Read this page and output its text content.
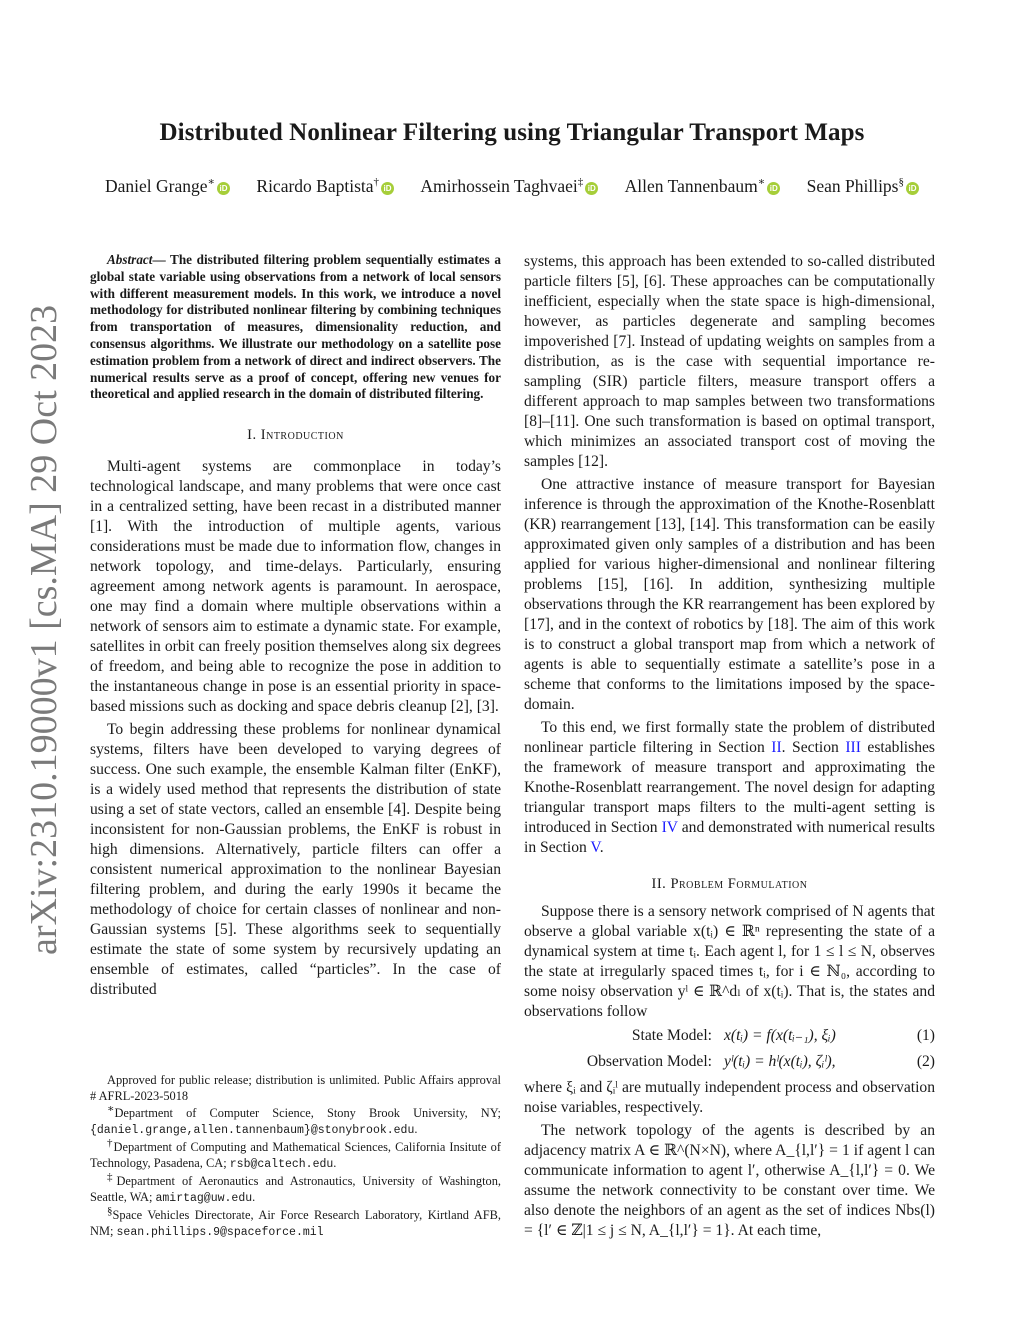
arXiv:2310.19000v1 [cs.MA] 29 Oct 2023
Distributed Nonlinear Filtering using Triangular Transport Maps
Daniel Grange∗iD Ricardo Baptista†iD Amirhossein Taghvaei‡iD Allen Tannenbaum∗iD Sean Phillips§iD

Abstract— The distributed filtering problem sequentially estimates a global state variable using observations from a network of local sensors with different measurement models. In this work, we introduce a novel methodology for distributed nonlinear filtering by combining techniques from transportation of measures, dimensionality reduction, and consensus algorithms. We illustrate our methodology on a satellite pose estimation problem from a network of direct and indirect observers. The numerical results serve as a proof of concept, offering new venues for theoretical and applied research in the domain of distributed filtering.

I. Introduction

Multi-agent systems are commonplace in today’s technological landscape, and many problems that were once cast in a centralized setting, have been recast in a distributed manner [1]. With the introduction of multiple agents, various considerations must be made due to information flow, changes in network topology, and time-delays. Particularly, ensuring agreement among network agents is paramount. In aerospace, one may find a domain where multiple observations within a network of sensors aim to estimate a dynamic state. For example, satellites in orbit can freely position themselves along six degrees of freedom, and being able to recognize the pose in addition to the instantaneous change in pose is an essential priority in space-based missions such as docking and space debris cleanup [2], [3].

To begin addressing these problems for nonlinear dynamical systems, filters have been developed to varying degrees of success. One such example, the ensemble Kalman filter (EnKF), is a widely used method that represents the distribution of state using a set of state vectors, called an ensemble [4]. Despite being inconsistent for non-Gaussian problems, the EnKF is robust in high dimensions. Alternatively, particle filters can offer a consistent numerical approximation to the nonlinear Bayesian filtering problem, and during the early 1990s it became the methodology of choice for certain classes of nonlinear and non-Gaussian systems [5]. These algorithms seek to sequentially estimate the state of some system by recursively updating an ensemble of estimates, called “particles”. In the case of distributed

systems, this approach has been extended to so-called distributed particle filters [5], [6]. These approaches can be computationally inefficient, especially when the state space is high-dimensional, however, as particles degenerate and sampling becomes impoverished [7]. Instead of updating weights on samples from a distribution, as is the case with sequential importance re-sampling (SIR) particle filters, measure transport offers a different approach to map samples between two transformations [8]–[11]. One such transformation is based on optimal transport, which minimizes an associated transport cost of moving the samples [12].

One attractive instance of measure transport for Bayesian inference is through the approximation of the Knothe-Rosenblatt (KR) rearrangement [13], [14]. This transformation can be easily approximated given only samples of a distribution and has been applied for various higher-dimensional and nonlinear filtering problems [15], [16]. In addition, synthesizing multiple observations through the KR rearrangement has been explored by [17], and in the context of robotics by [18]. The aim of this work is to construct a global transport map from which a network of agents is able to sequentially estimate a satellite’s pose in a scheme that conforms to the limitations imposed by the space-domain.

To this end, we first formally state the problem of distributed nonlinear particle filtering in Section II. Section III establishes the framework of measure transport and approximating the Knothe-Rosenblatt rearrangement. The novel design for adapting triangular transport maps filters to the multi-agent setting is introduced in Section IV and demonstrated with numerical results in Section V.

II. Problem Formulation

Suppose there is a sensory network comprised of N agents that observe a global variable x(tᵢ) ∈ ℝⁿ representing the state of a dynamical system at time tᵢ. Each agent l, for 1 ≤ l ≤ N, observes the state at irregularly spaced times tᵢ, for i ∈ ℕ₀, according to some noisy observation yˡ ∈ ℝ^dₗ of x(tᵢ). That is, the states and observations follow

State Model: x(tᵢ) = f(x(tᵢ₋₁), ξᵢ)	(1)
Observation Model: yˡ(tᵢ) = hˡ(x(tᵢ), ζᵢˡ),	(2)

where ξᵢ and ζᵢˡ are mutually independent process and observation noise variables, respectively.

The network topology of the agents is described by an adjacency matrix A ∈ ℝ^(N×N), where A_{l,l′} = 1 if agent l can communicate information to agent l′, otherwise A_{l,l′} = 0. We assume the network connectivity to be constant over time. We also denote the neighbors of an agent as the set of indices Nbs(l) = {l′ ∈ ℤ|1 ≤ j ≤ N, A_{l,l′} = 1}. At each time,

Approved for public release; distribution is unlimited. Public Affairs approval # AFRL-2023-5018

∗Department of Computer Science, Stony Brook University, NY; {daniel.grange,allen.tannenbaum}@stonybrook.edu.

†Department of Computing and Mathematical Sciences, California Insitute of Technology, Pasadena, CA; rsb@caltech.edu.

‡Department of Aeronautics and Astronautics, University of Washington, Seattle, WA; amirtag@uw.edu.

§Space Vehicles Directorate, Air Force Research Laboratory, Kirtland AFB, NM; sean.phillips.9@spaceforce.mil
